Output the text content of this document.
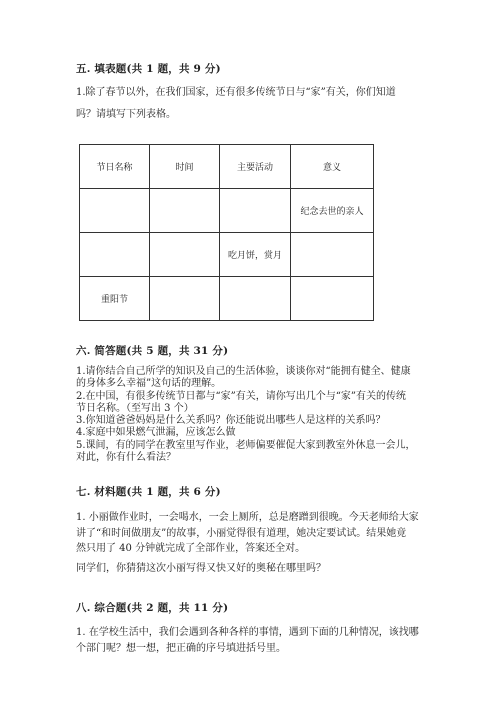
五. 填表题(共 1 题，共 9 分)

1.除了春节以外，在我们国家，还有很多传统节日与“家”有关，你们知道

吗？请填写下列表格。

节日名称	时间	主要活动	意义
			纪念去世的亲人
		吃月饼，赏月	
重阳节			
六. 简答题(共 5 题，共 31 分)

1.请你结合自己所学的知识及自己的生活体验，谈谈你对“能拥有健全、健康

的身体多么幸福”这句话的理解。

2.在中国，有很多传统节日都与“家”有关，请你写出几个与“家”有关的传统

节日名称。（至写出 3 个）

3.你知道爸爸妈妈是什么关系吗？你还能说出哪些人是这样的关系吗？

4.家庭中如果燃气泄漏，应该怎么做

5.课间，有的同学在教室里写作业，老师偏要催促大家到教室外休息一会儿，

对此，你有什么看法？

七. 材料题(共 1 题，共 6 分)

1. 小丽做作业时，一会喝水，一会上厕所，总是磨蹭到很晚。今天老师给大家

讲了“和时间做朋友”的故事，小丽觉得很有道理，她决定要试试。结果她竟

然只用了 40 分钟就完成了全部作业，答案还全对。

同学们，你猜猜这次小丽写得又快又好的奥秘在哪里吗？
八. 综合题(共 2 题，共 11 分)

1. 在学校生活中，我们会遇到各种各样的事情，遇到下面的几种情况，该找哪

个部门呢？想一想，把正确的序号填进括号里。
